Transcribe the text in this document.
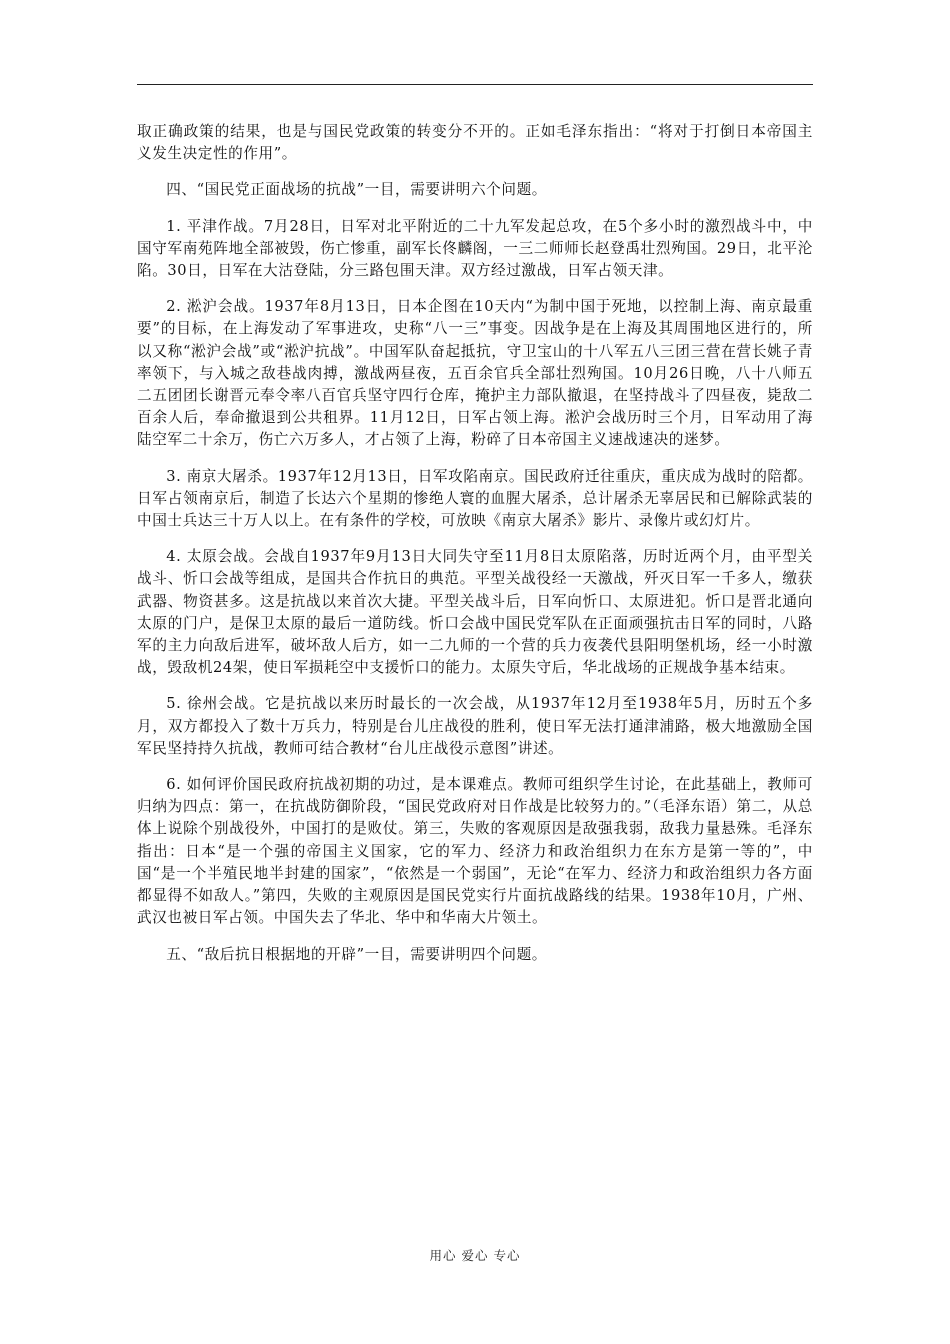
取正确政策的结果，也是与国民党政策的转变分不开的。正如毛泽东指出：“将对于打倒日本帝国主义发生决定性的作用”。

四、“国民党正面战场的抗战”一目，需要讲明六个问题。

1. 平津作战。7月28日，日军对北平附近的二十九军发起总攻，在5个多小时的激烈战斗中，中国守军南苑阵地全部被毁，伤亡惨重，副军长佟麟阁，一三二师师长赵登禹壮烈殉国。29日，北平沦陷。30日，日军在大沽登陆，分三路包围天津。双方经过激战，日军占领天津。

2. 淞沪会战。1937年8月13日，日本企图在10天内“为制中国于死地，以控制上海、南京最重要”的目标，在上海发动了军事进攻，史称“八一三”事变。因战争是在上海及其周围地区进行的，所以又称“淞沪会战”或“淞沪抗战”。中国军队奋起抵抗，守卫宝山的十八军五八三团三营在营长姚子青率领下，与入城之敌巷战肉搏，激战两昼夜，五百余官兵全部壮烈殉国。10月26日晚，八十八师五二五团团长谢晋元奉令率八百官兵坚守四行仓库，掩护主力部队撤退，在坚持战斗了四昼夜，毙敌二百余人后，奉命撤退到公共租界。11月12日，日军占领上海。淞沪会战历时三个月，日军动用了海陆空军二十余万，伤亡六万多人，才占领了上海，粉碎了日本帝国主义速战速决的迷梦。

3. 南京大屠杀。1937年12月13日，日军攻陷南京。国民政府迁往重庆，重庆成为战时的陪都。日军占领南京后，制造了长达六个星期的惨绝人寰的血腥大屠杀，总计屠杀无辜居民和已解除武装的中国士兵达三十万人以上。在有条件的学校，可放映《南京大屠杀》影片、录像片或幻灯片。

4. 太原会战。会战自1937年9月13日大同失守至11月8日太原陷落，历时近两个月，由平型关战斗、忻口会战等组成，是国共合作抗日的典范。平型关战役经一天激战，歼灭日军一千多人，缴获武器、物资甚多。这是抗战以来首次大捷。平型关战斗后，日军向忻口、太原进犯。忻口是晋北通向太原的门户，是保卫太原的最后一道防线。忻口会战中国民党军队在正面顽强抗击日军的同时，八路军的主力向敌后进军，破坏敌人后方，如一二九师的一个营的兵力夜袭代县阳明堡机场，经一小时激战，毁敌机24架，使日军损耗空中支援忻口的能力。太原失守后，华北战场的正规战争基本结束。

5. 徐州会战。它是抗战以来历时最长的一次会战，从1937年12月至1938年5月，历时五个多月，双方都投入了数十万兵力，特别是台儿庄战役的胜利，使日军无法打通津浦路，极大地激励全国军民坚持持久抗战，教师可结合教材“台儿庄战役示意图”讲述。

6. 如何评价国民政府抗战初期的功过，是本课难点。教师可组织学生讨论，在此基础上，教师可归纳为四点：第一，在抗战防御阶段，“国民党政府对日作战是比较努力的。”（毛泽东语）第二，从总体上说除个别战役外，中国打的是败仗。第三，失败的客观原因是敌强我弱，敌我力量悬殊。毛泽东指出：日本“是一个强的帝国主义国家，它的军力、经济力和政治组织力在东方是第一等的”，中国“是一个半殖民地半封建的国家”，“依然是一个弱国”，无论“在军力、经济力和政治组织力各方面都显得不如敌人。”第四，失败的主观原因是国民党实行片面抗战路线的结果。1938年10月，广州、武汉也被日军占领。中国失去了华北、华中和华南大片领土。

五、“敌后抗日根据地的开辟”一目，需要讲明四个问题。

用心 爱心 专心
